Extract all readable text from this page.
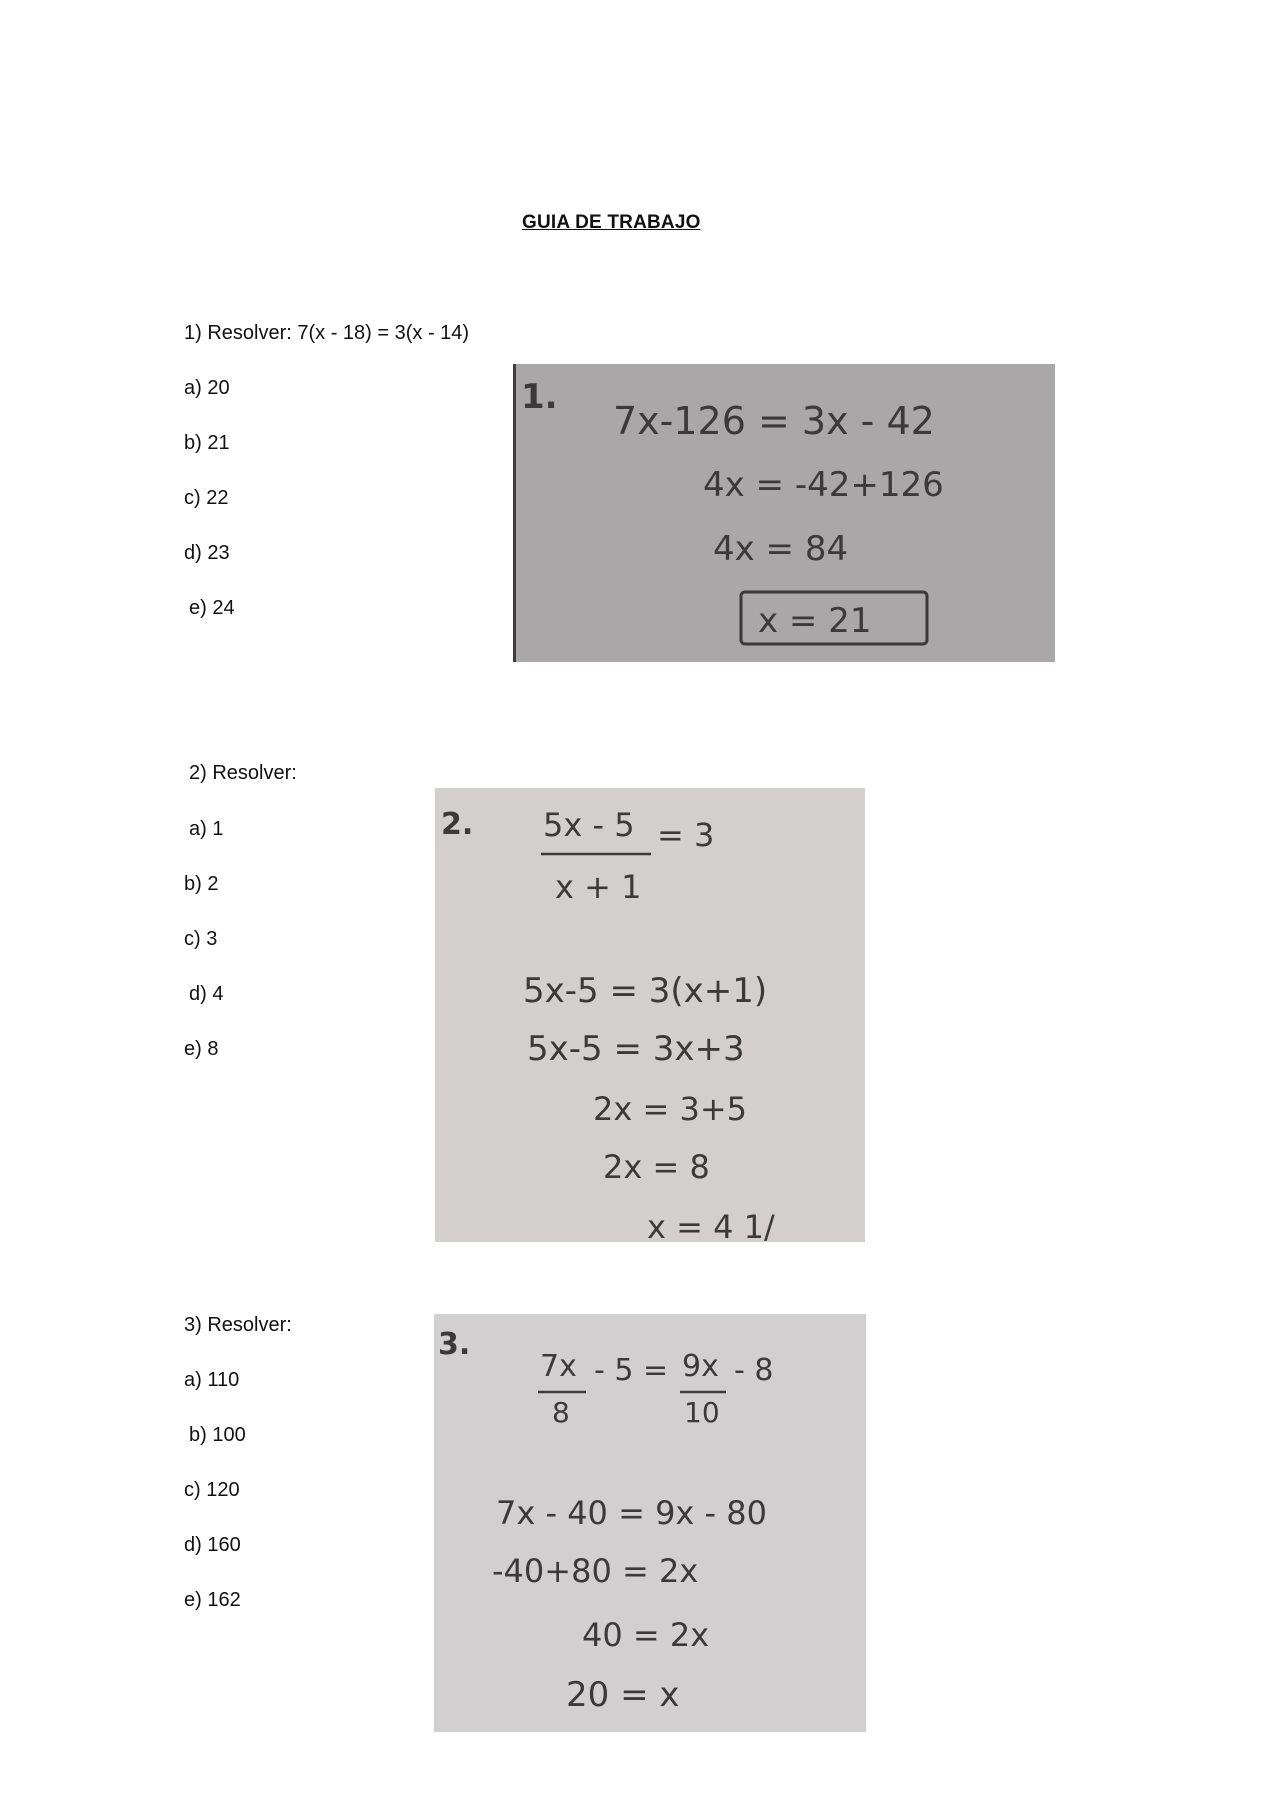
GUIA DE TRABAJO
1) Resolver: 7(x - 18) = 3(x - 14)
a) 20
b) 21
c) 22
d) 23
e) 24
1.
7x-126 = 3x - 42
4x = -42+126
4x = 84
x = 21
2) Resolver:
a) 1
b) 2
c) 3
d) 4
e) 8
2. 5x - 5 = 3
x + 1
5x-5 = 3(x+1)
5x-5 = 3x+3
2x = 3+5
2x = 8
x = 4 1/
3) Resolver:
a) 110
b) 100
c) 120
d) 160
e) 162
3.
7x
8
- 5 = 9x
10
- 8
7x - 40 = 9x - 80
-40+80 = 2x
40 = 2x
20 = x
